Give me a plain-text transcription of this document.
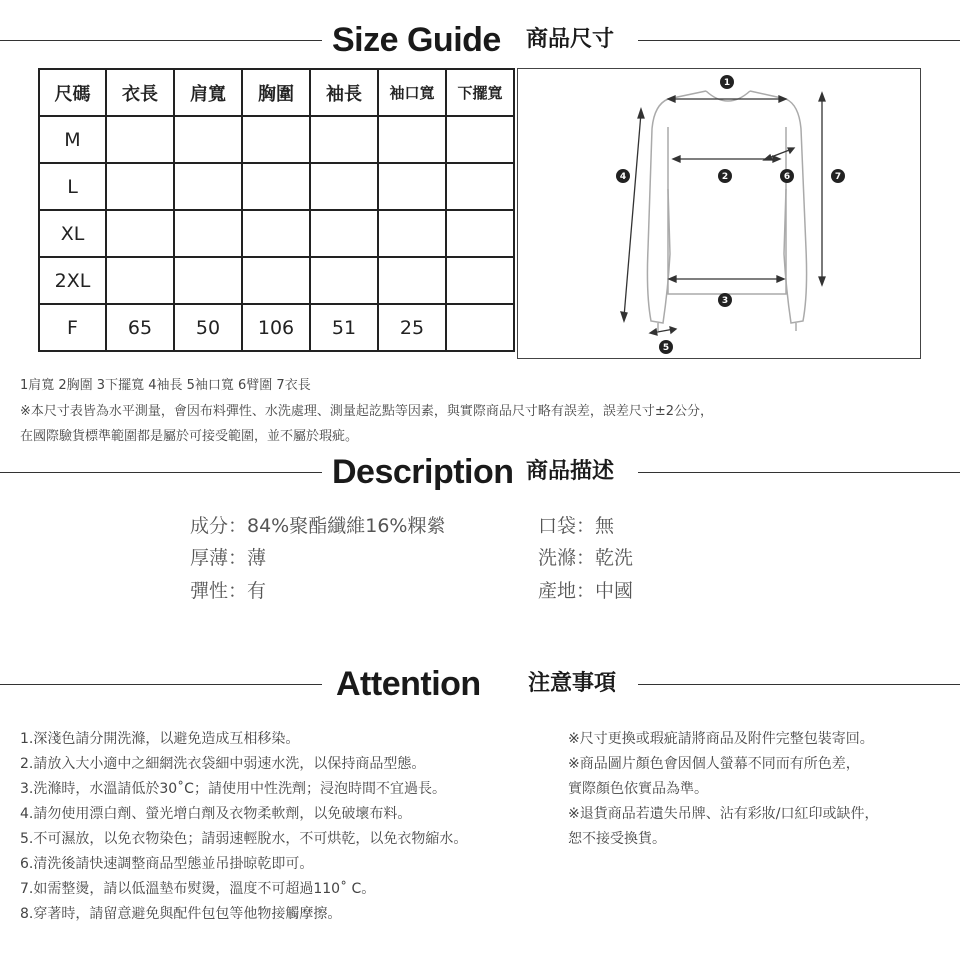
Size Guide 商品尺寸
尺碼	衣長	肩寬	胸圍	袖長	袖口寬	下擺寬
M						
L						
XL						
2XL						
F	65	50	106	51	25	
1
2
3
4
5
6	7
1肩寬 2胸圍 3下擺寬 4袖長 5袖口寬 6臂圍 7衣長
※本尺寸表皆為水平測量，會因布料彈性、水洗處理、測量起訖點等因素，與實際商品尺寸略有誤差，誤差尺寸±2公分，
在國際驗貨標準範圍都是屬於可接受範圍，並不屬於瑕疵。
Description 商品描述
成分：84%聚酯纖維16%粿縈
厚薄：薄
彈性：有
口袋：無
洗滌：乾洗
產地：中國
Attention 注意事項
1.深淺色請分開洗滌，以避免造成互相移染。
2.請放入大小適中之細網洗衣袋細中弱速水洗，以保持商品型態。
3.洗滌時，水溫請低於30˚C；請使用中性洗劑；浸泡時間不宜過長。
4.請勿使用漂白劑、螢光增白劑及衣物柔軟劑，以免破壞布料。
5.不可濕放，以免衣物染色；請弱速輕脫水，不可烘乾，以免衣物縮水。
6.清洗後請快速調整商品型態並吊掛晾乾即可。
7.如需整燙，請以低溫墊布熨燙，溫度不可超過110˚ C。
8.穿著時，請留意避免與配件包包等他物接觸摩擦。
※尺寸更換或瑕疵請將商品及附件完整包裝寄回。
※商品圖片顏色會因個人螢幕不同而有所色差，
實際顏色依實品為準。
※退貨商品若遺失吊牌、沾有彩妝/口紅印或缺件，
恕不接受換貨。
